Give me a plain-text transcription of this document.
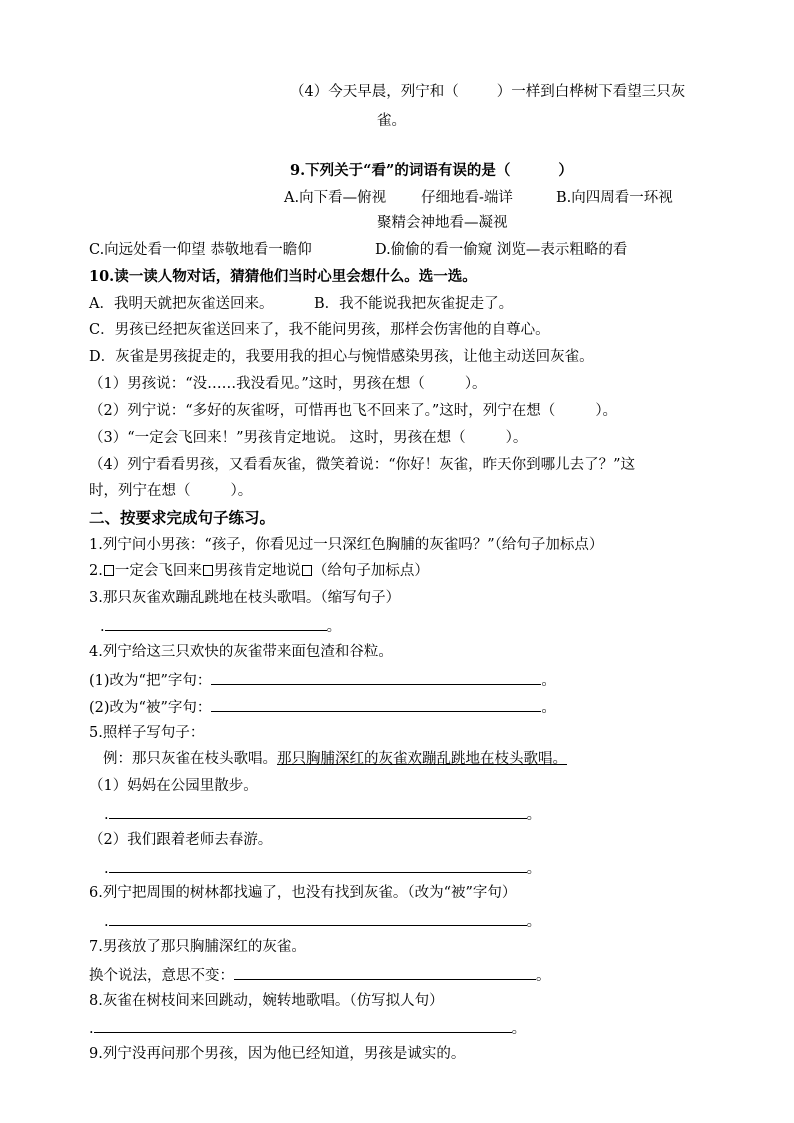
（4）今天早晨，列宁和（	）一样到白桦树下看望三只灰
雀。
9.下列关于“看”的词语有误的是（	）
A.向下看—俯视 仔细地看-端详	B.向四周看一环视
聚精会神地看—凝视
C.向远处看一仰望 恭敬地看一瞻仰	D.偷偷的看一偷窥 浏览—表示粗略的看
10.读一读人物对话，猜猜他们当时心里会想什么。选一选。
A．我明天就把灰雀送回来。	B．我不能说我把灰雀捉走了。
C．男孩已经把灰雀送回来了，我不能问男孩，那样会伤害他的自尊心。
D．灰雀是男孩捉走的，我要用我的担心与惋惜感染男孩，让他主动送回灰雀。
（1）男孩说：“没……我没看见。”这时，男孩在想（	）。
（2）列宁说：“多好的灰雀呀，可惜再也飞不回来了。”这时，列宁在想（	）。
（3）“一定会飞回来！”男孩肯定地说。 这时，男孩在想（	）。
（4）列宁看看男孩，又看看灰雀，微笑着说：“你好！灰雀，昨天你到哪儿去了？”这
时，列宁在想（	）。
二、按要求完成句子练习。
1.列宁问小男孩：“孩子，你看见过一只深红色胸脯的灰雀吗？”（给句子加标点）
2. 一定会飞回来 男孩肯定地说 （给句子加标点）
3.那只灰雀欢蹦乱跳地在枝头歌唱。（缩写句子）
.	。
4.列宁给这三只欢快的灰雀带来面包渣和谷粒。
(1)改为“把”字句：	。
(2)改为“被”字句：	。
5.照样子写句子：
例：那只灰雀在枝头歌唱。那只胸脯深红的灰雀欢蹦乱跳地在枝头歌唱。
（1）妈妈在公园里散步。
.	。
（2）我们跟着老师去春游。
.	。
6.列宁把周围的树林都找遍了，也没有找到灰雀。（改为“被”字句）
.	。
7.男孩放了那只胸脯深红的灰雀。
换个说法，意思不变：	。
8.灰雀在树枝间来回跳动，婉转地歌唱。（仿写拟人句）
.	。
9.列宁没再问那个男孩，因为他已经知道，男孩是诚实的。
